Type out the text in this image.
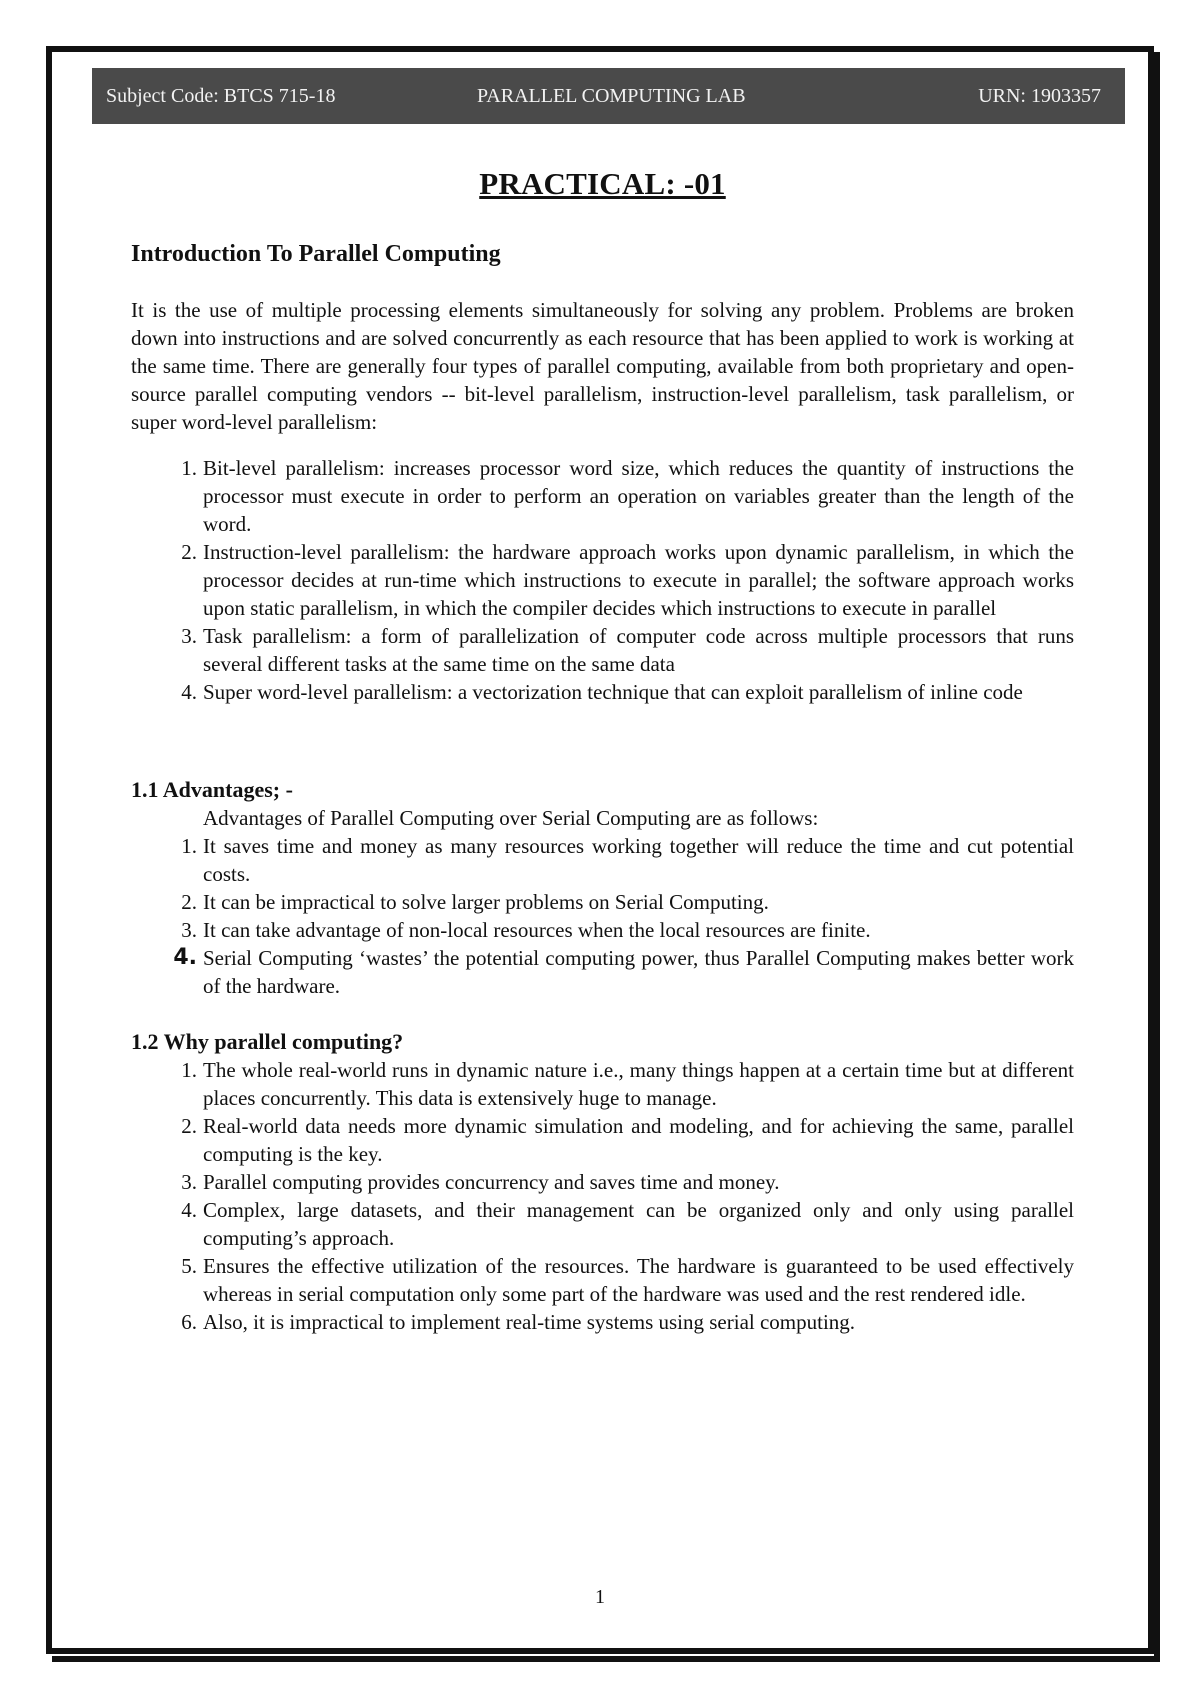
Subject Code: BTCS 715-18	PARALLEL COMPUTING LAB	URN: 1903357
PRACTICAL: -01
Introduction To Parallel Computing

It is the use of multiple processing elements simultaneously for solving any problem. Problems are broken down into instructions and are solved concurrently as each resource that has been applied to work is working at the same time. There are generally four types of parallel computing, available from both proprietary and open-source parallel computing vendors -- bit-level parallelism, instruction-level parallelism, task parallelism, or super word-level parallelism:

1. Bit-level parallelism: increases processor word size, which reduces the quantity of instructions the processor must execute in order to perform an operation on variables greater than the length of the word.
2. Instruction-level parallelism: the hardware approach works upon dynamic parallelism, in which the processor decides at run-time which instructions to execute in parallel; the software approach works upon static parallelism, in which the compiler decides which instructions to execute in parallel
3. Task parallelism: a form of parallelization of computer code across multiple processors that runs several different tasks at the same time on the same data
4. Super word-level parallelism: a vectorization technique that can exploit parallelism of inline code
1.1 Advantages; -
Advantages of Parallel Computing over Serial Computing are as follows:
1. It saves time and money as many resources working together will reduce the time and cut potential costs.
2. It can be impractical to solve larger problems on Serial Computing.
3. It can take advantage of non-local resources when the local resources are finite.
4. Serial Computing ‘wastes’ the potential computing power, thus Parallel Computing makes better work of the hardware.
1.2 Why parallel computing?
1. The whole real-world runs in dynamic nature i.e., many things happen at a certain time but at different places concurrently. This data is extensively huge to manage.
2. Real-world data needs more dynamic simulation and modeling, and for achieving the same, parallel computing is the key.
3. Parallel computing provides concurrency and saves time and money.
4. Complex, large datasets, and their management can be organized only and only using parallel computing’s approach.
5. Ensures the effective utilization of the resources. The hardware is guaranteed to be used effectively whereas in serial computation only some part of the hardware was used and the rest rendered idle.
6. Also, it is impractical to implement real-time systems using serial computing.
1
